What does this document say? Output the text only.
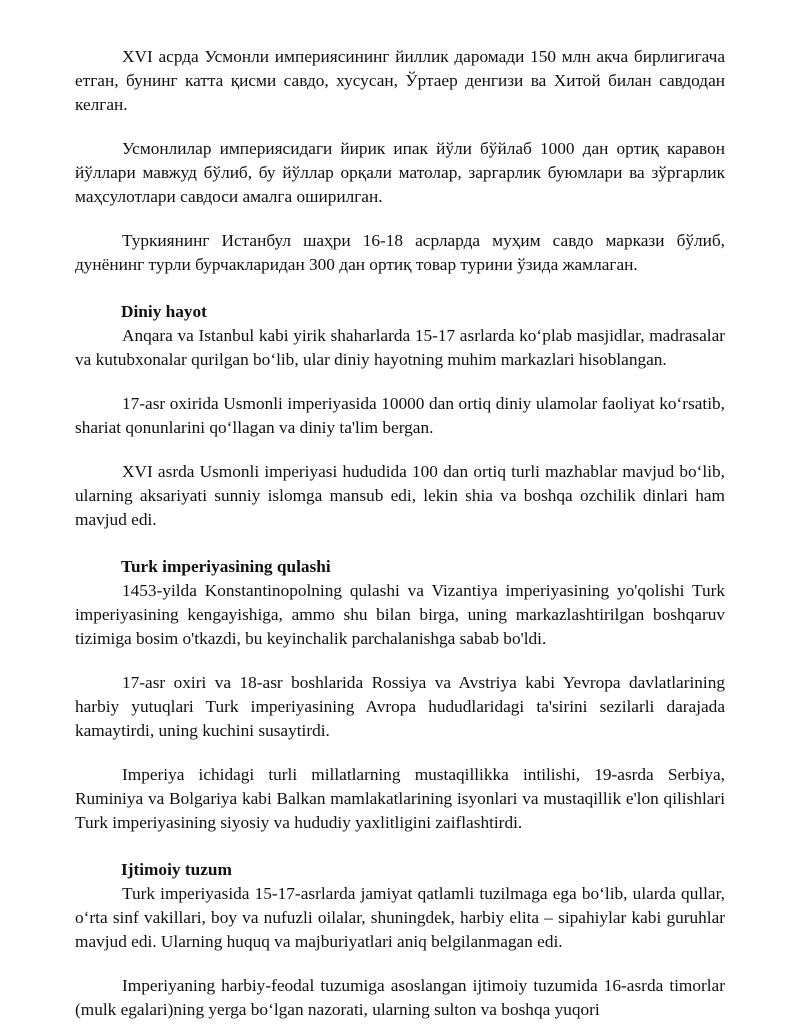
XVI асрда Усмонли империясининг йиллик даромади 150 млн акча бирлигигача етган, бунинг катта қисми савдо, хусусан, Ўртаер денгизи ва Хитой билан савдодан келган.

Усмонлилар империясидаги йирик ипак йўли бўйлаб 1000 дан ортиқ каравон йўллари мавжуд бўлиб, бу йўллар орқали матолар, заргарлик буюмлари ва зўргарлик маҳсулотлари савдоси амалга оширилган.

Туркиянинг Истанбул шаҳри 16-18 асрларда муҳим савдо маркази бўлиб, дунёнинг турли бурчакларидан 300 дан ортиқ товар турини ўзида жамлаган.

Diniy hayot

Anqara va Istanbul kabi yirik shaharlarda 15-17 asrlarda ko‘plab masjidlar, madrasalar va kutubxonalar qurilgan bo‘lib, ular diniy hayotning muhim markazlari hisoblangan.

17-asr oxirida Usmonli imperiyasida 10000 dan ortiq diniy ulamolar faoliyat ko‘rsatib, shariat qonunlarini qo‘llagan va diniy ta'lim bergan.

XVI asrda Usmonli imperiyasi hududida 100 dan ortiq turli mazhablar mavjud bo‘lib, ularning aksariyati sunniy islomga mansub edi, lekin shia va boshqa ozchilik dinlari ham mavjud edi.

Turk imperiyasining qulashi

1453-yilda Konstantinopolning qulashi va Vizantiya imperiyasining yo'qolishi Turk imperiyasining kengayishiga, ammo shu bilan birga, uning markazlashtirilgan boshqaruv tizimiga bosim o'tkazdi, bu keyinchalik parchalanishga sabab bo'ldi.

17-asr oxiri va 18-asr boshlarida Rossiya va Avstriya kabi Yevropa davlatlarining harbiy yutuqlari Turk imperiyasining Avropa hududlaridagi ta'sirini sezilarli darajada kamaytirdi, uning kuchini susaytirdi.

Imperiya ichidagi turli millatlarning mustaqillikka intilishi, 19-asrda Serbiya, Ruminiya va Bolgariya kabi Balkan mamlakatlarining isyonlari va mustaqillik e'lon qilishlari Turk imperiyasining siyosiy va hududiy yaxlitligini zaiflashtirdi.

Ijtimoiy tuzum

Turk imperiyasida 15-17-asrlarda jamiyat qatlamli tuzilmaga ega bo‘lib, ularda qullar, o‘rta sinf vakillari, boy va nufuzli oilalar, shuningdek, harbiy elita – sipahiylar kabi guruhlar mavjud edi. Ularning huquq va majburiyatlari aniq belgilanmagan edi.

Imperiyaning harbiy-feodal tuzumiga asoslangan ijtimoiy tuzumida 16-asrda timorlar (mulk egalari)ning yerga bo‘lgan nazorati, ularning sulton va boshqa yuqori
